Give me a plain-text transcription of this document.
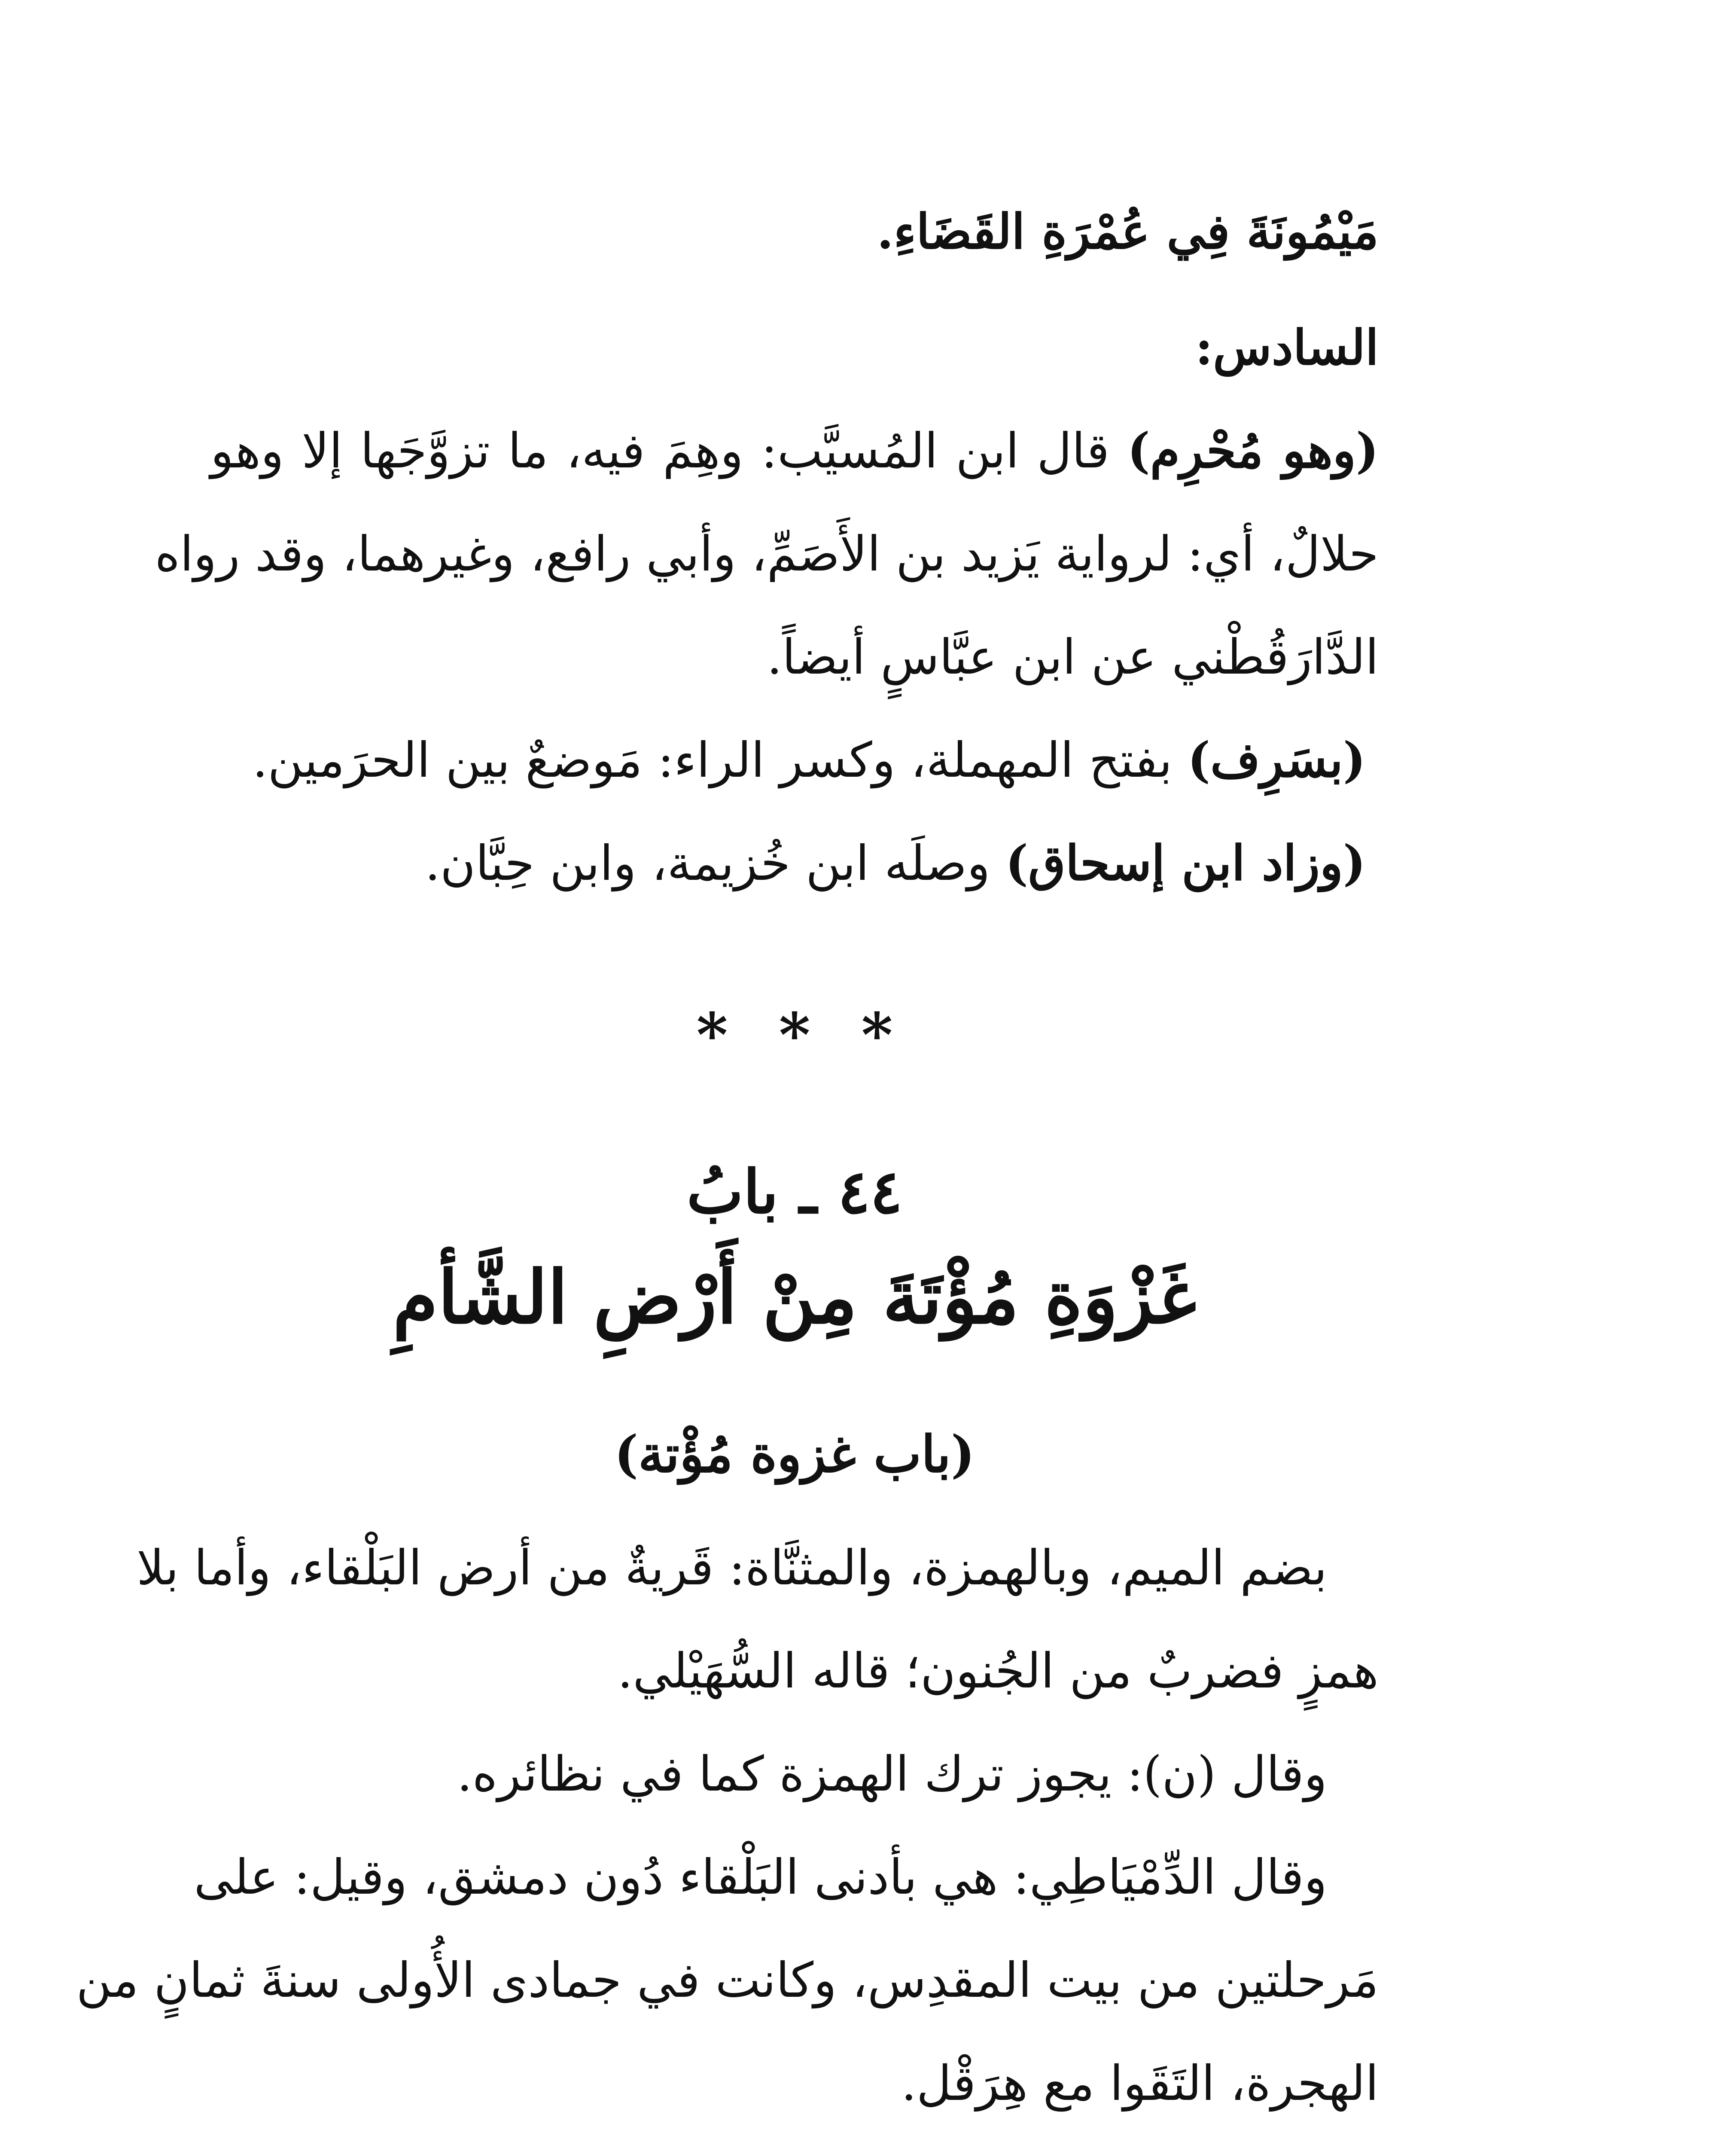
مَيْمُونَةَ فِي عُمْرَةِ القَضَاءِ.
السادس:
(وهو مُحْرِم) قال ابن المُسيَّب: وهِمَ فيه، ما تزوَّجَها إلا وهو
حلالٌ، أي: لرواية يَزيد بن الأَصَمِّ، وأبي رافع، وغيرهما، وقد رواه
الدَّارَقُطْني عن ابن عبَّاسٍ أيضاً.
(بسَرِف) بفتح المهملة، وكسر الراء: مَوضعٌ بين الحرَمين.
(وزاد ابن إسحاق) وصلَه ابن خُزيمة، وابن حِبَّان.
* * *
٤٤ ـ بابُ
غَزْوَةِ مُؤْتَةَ مِنْ أَرْضِ الشَّأمِ
(باب غزوة مُؤْتة)
بضم الميم، وبالهمزة، والمثنَّاة: قَريةٌ من أرض البَلْقاء، وأما بلا
همزٍ فضربٌ من الجُنون؛ قاله السُّهَيْلي.
وقال (ن): يجوز ترك الهمزة كما في نظائره.
وقال الدِّمْيَاطِي: هي بأدنى البَلْقاء دُون دمشق، وقيل: على
مَرحلتين من بيت المقدِس، وكانت في جمادى الأُولى سنةَ ثمانٍ من
الهجرة، التَقَوا مع هِرَقْل.
